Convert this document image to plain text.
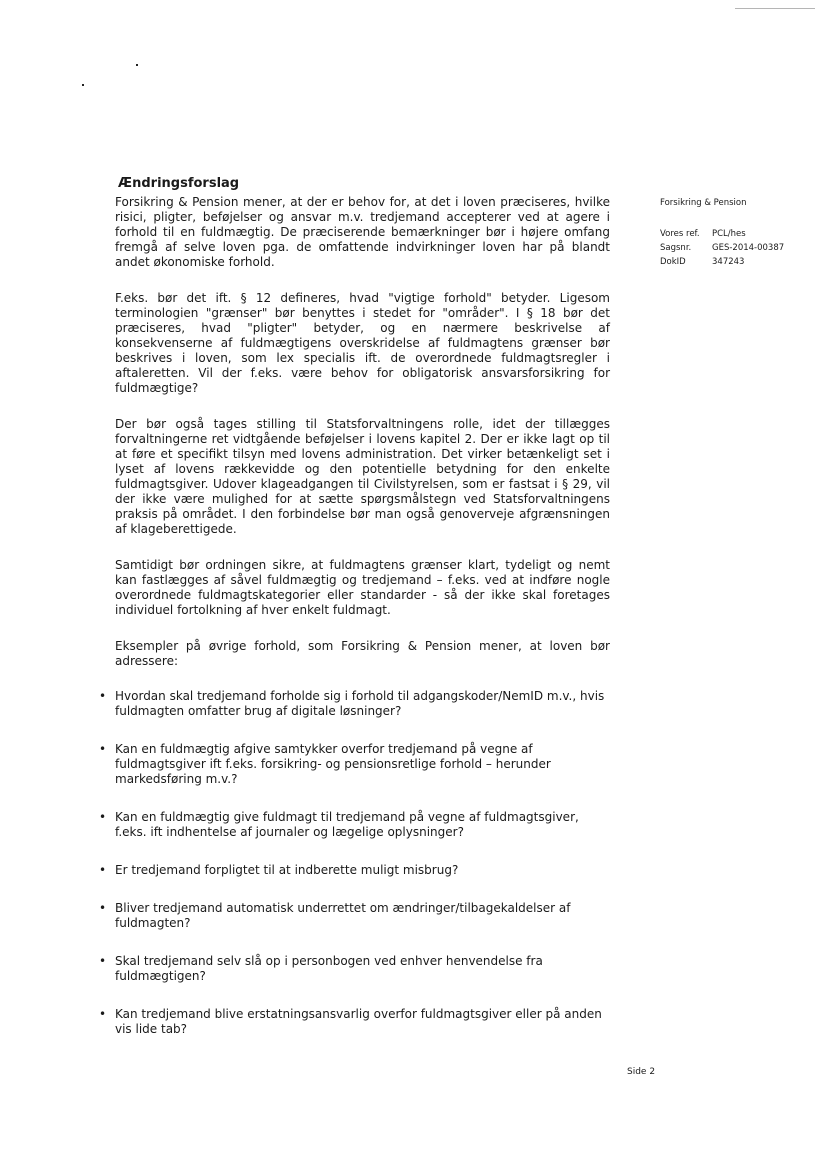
Ændringsforslag
Forsikring & Pension
Vores ref.	PCL/hes
Sagsnr.	GES-2014-00387
DokID	347243

Forsikring & Pension mener, at der er behov for, at det i loven præciseres, hvilke risici, pligter, beføjelser og ansvar m.v. tredjemand accepterer ved at agere i forhold til en fuldmægtig. De præciserende bemærkninger bør i højere omfang fremgå af selve loven pga. de omfattende indvirkninger loven har på blandt andet økonomiske forhold.

F.eks. bør det ift. § 12 defineres, hvad "vigtige forhold" betyder. Ligesom terminologien "grænser" bør benyttes i stedet for "områder". I § 18 bør det præciseres, hvad "pligter" betyder, og en nærmere beskrivelse af konsekvenserne af fuldmægtigens overskridelse af fuldmagtens grænser bør beskrives i loven, som lex specialis ift. de overordnede fuldmagtsregler i aftaleretten. Vil der f.eks. være behov for obligatorisk ansvarsforsikring for fuldmægtige?

Der bør også tages stilling til Statsforvaltningens rolle, idet der tillægges forvaltningerne ret vidtgående beføjelser i lovens kapitel 2. Der er ikke lagt op til at føre et specifikt tilsyn med lovens administration. Det virker betænkeligt set i lyset af lovens rækkevidde og den potentielle betydning for den enkelte fuldmagtsgiver. Udover klageadgangen til Civilstyrelsen, som er fastsat i § 29, vil der ikke være mulighed for at sætte spørgsmålstegn ved Statsforvaltningens praksis på området. I den forbindelse bør man også genoverveje afgrænsningen af klageberettigede.

Samtidigt bør ordningen sikre, at fuldmagtens grænser klart, tydeligt og nemt kan fastlægges af såvel fuldmægtig og tredjemand – f.eks. ved at indføre nogle overordnede fuldmagtskategorier eller standarder - så der ikke skal foretages individuel fortolkning af hver enkelt fuldmagt.

Eksempler på øvrige forhold, som Forsikring & Pension mener, at loven bør adressere:

• Hvordan skal tredjemand forholde sig i forhold til adgangskoder/NemID m.v., hvis fuldmagten omfatter brug af digitale løsninger?
• Kan en fuldmægtig afgive samtykker overfor tredjemand på vegne af fuldmagtsgiver ift f.eks. forsikring- og pensionsretlige forhold – herunder markedsføring m.v.?
• Kan en fuldmægtig give fuldmagt til tredjemand på vegne af fuldmagtsgiver, f.eks. ift indhentelse af journaler og lægelige oplysninger?
• Er tredjemand forpligtet til at indberette muligt misbrug?
• Bliver tredjemand automatisk underrettet om ændringer/tilbagekaldelser af fuldmagten?
• Skal tredjemand selv slå op i personbogen ved enhver henvendelse fra fuldmægtigen?
• Kan tredjemand blive erstatningsansvarlig overfor fuldmagtsgiver eller på anden vis lide tab?
Side 2
